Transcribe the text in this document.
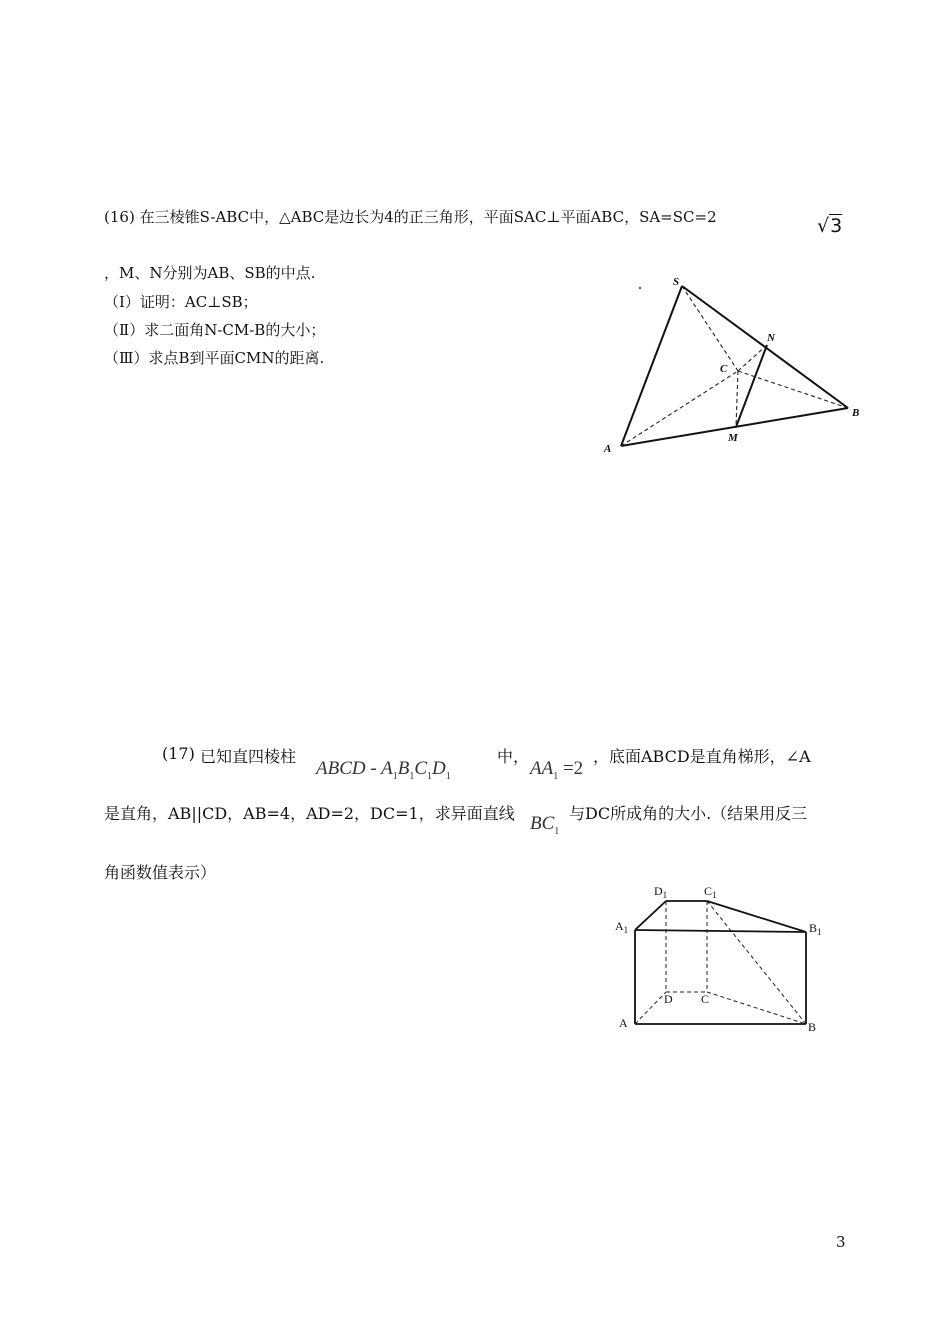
(16) 在三棱锥S-ABC中，△ABC是边长为4的正三角形，平面SAC⊥平面ABC，SA=SC=2	√3
，M、N分别为AB、SB的中点.
（Ⅰ）证明：AC⊥SB；
（Ⅱ）求二面角N-CM-B的大小；
（Ⅲ）求点B到平面CMN的距离.
S
A
B
C
M
N
(17) 已知直四棱柱
ABCD - $A_1B_1C_1D_1$
中，
$AA_1 =2$
，底面ABCD是直角梯形，∠A
是直角，AB||CD，AB=4，AD=2，DC=1，求异面直线 $BC_1$
与DC所成角的大小.（结果用反三
角函数值表示）
$D_1$	$C_1$
$A_1$	$B_1$
D C
A	B
3
